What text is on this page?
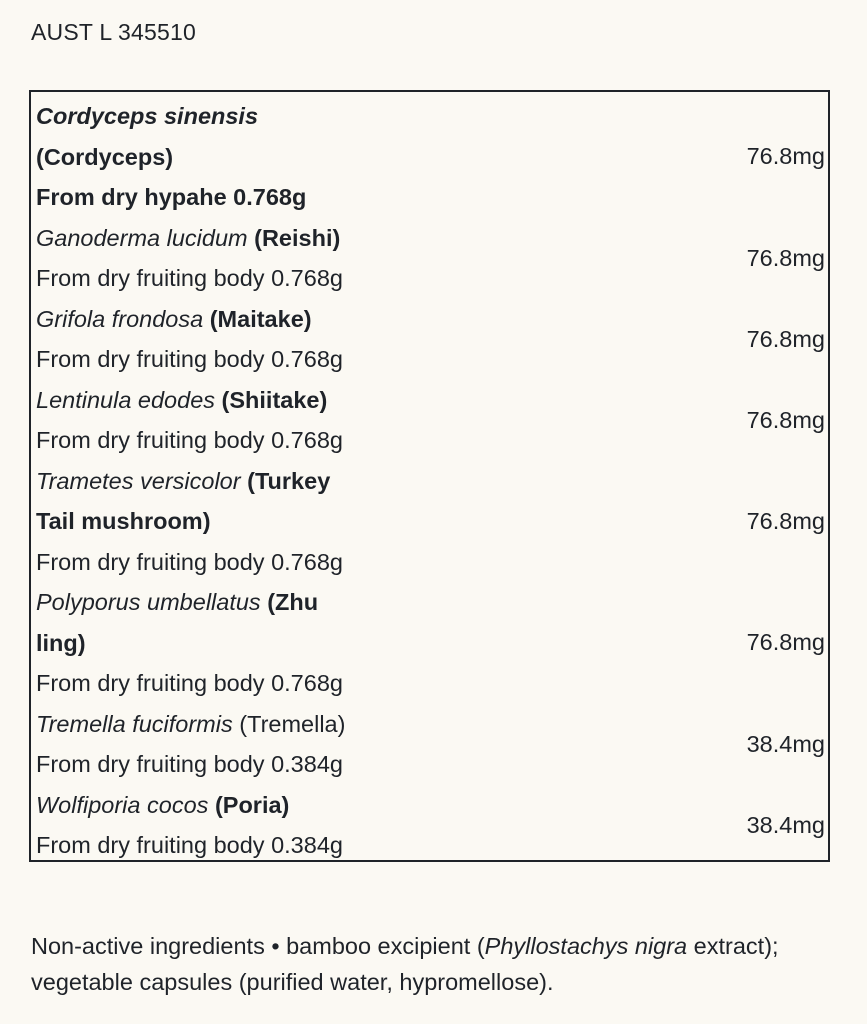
AUST L 345510
Cordyceps sinensis
(Cordyceps)
From dry hypahe 0.768g
76.8mg
Ganoderma lucidum (Reishi)
From dry fruiting body 0.768g
76.8mg
Grifola frondosa (Maitake)
From dry fruiting body 0.768g
76.8mg
Lentinula edodes (Shiitake)
From dry fruiting body 0.768g
76.8mg
Trametes versicolor (Turkey
Tail mushroom)
From dry fruiting body 0.768g
76.8mg
Polyporus umbellatus (Zhu
ling)
From dry fruiting body 0.768g
76.8mg
Tremella fuciformis (Tremella)
From dry fruiting body 0.384g
38.4mg
Wolfiporia cocos (Poria)
From dry fruiting body 0.384g
38.4mg
Non-active ingredients • bamboo excipient (Phyllostachys nigra extract); vegetable capsules (purified water, hypromellose).
